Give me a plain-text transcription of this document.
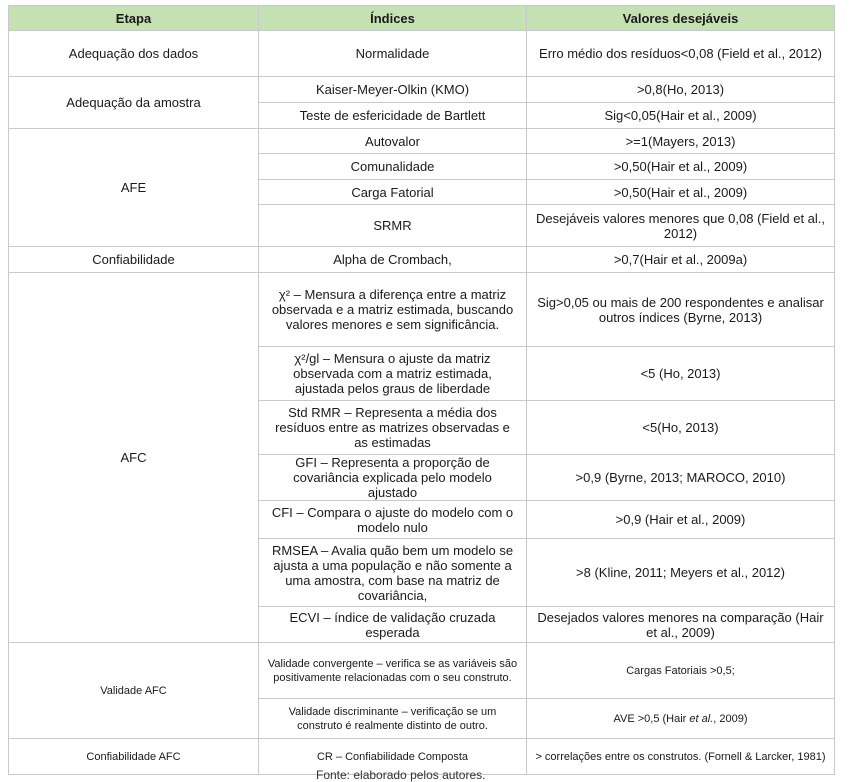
Etapa	Índices	Valores desejáveis
Adequação dos dados	Normalidade	Erro médio dos resíduos<0,08 (Field et al., 2012)
Adequação da amostra	Kaiser-Meyer-Olkin (KMO)	>0,8(Ho, 2013)
	Teste de esfericidade de Bartlett	Sig<0,05(Hair et al., 2009)
AFE	Autovalor	>=1(Mayers, 2013)
	Comunalidade	>0,50(Hair et al., 2009)
	Carga Fatorial	>0,50(Hair et al., 2009)
	SRMR	Desejáveis valores menores que 0,08 (Field et al., 2012)
Confiabilidade	Alpha de Crombach,	>0,7(Hair et al., 2009a)
AFC	χ² – Mensura a diferença entre a matriz observada e a matriz estimada, buscando valores menores e sem significância.	Sig>0,05 ou mais de 200 respondentes e analisar outros índices (Byrne, 2013)
	χ²/gl – Mensura o ajuste da matriz observada com a matriz estimada, ajustada pelos graus de liberdade	<5 (Ho, 2013)
	Std RMR – Representa a média dos resíduos entre as matrizes observadas e as estimadas	<5(Ho, 2013)
	GFI – Representa a proporção de covariância explicada pelo modelo ajustado	>0,9 (Byrne, 2013; MAROCO, 2010)
	CFI – Compara o ajuste do modelo com o modelo nulo	>0,9 (Hair et al., 2009)
	RMSEA – Avalia quão bem um modelo se ajusta a uma população e não somente a uma amostra, com base na matriz de covariância,	>8 (Kline, 2011; Meyers et al., 2012)
	ECVI – índice de validação cruzada esperada	Desejados valores menores na comparação (Hair et al., 2009)
Validade AFC	Validade convergente – verifica se as variáveis são positivamente relacionadas com o seu construto.	Cargas Fatoriais >0,5;
	Validade discriminante – verificação se um construto é realmente distinto de outro.	AVE >0,5 (Hair et al., 2009)
Confiabilidade AFC	CR – Confiabilidade Composta	> correlações entre os construtos. (Fornell & Larcker, 1981)
Fonte: elaborado pelos autores.
